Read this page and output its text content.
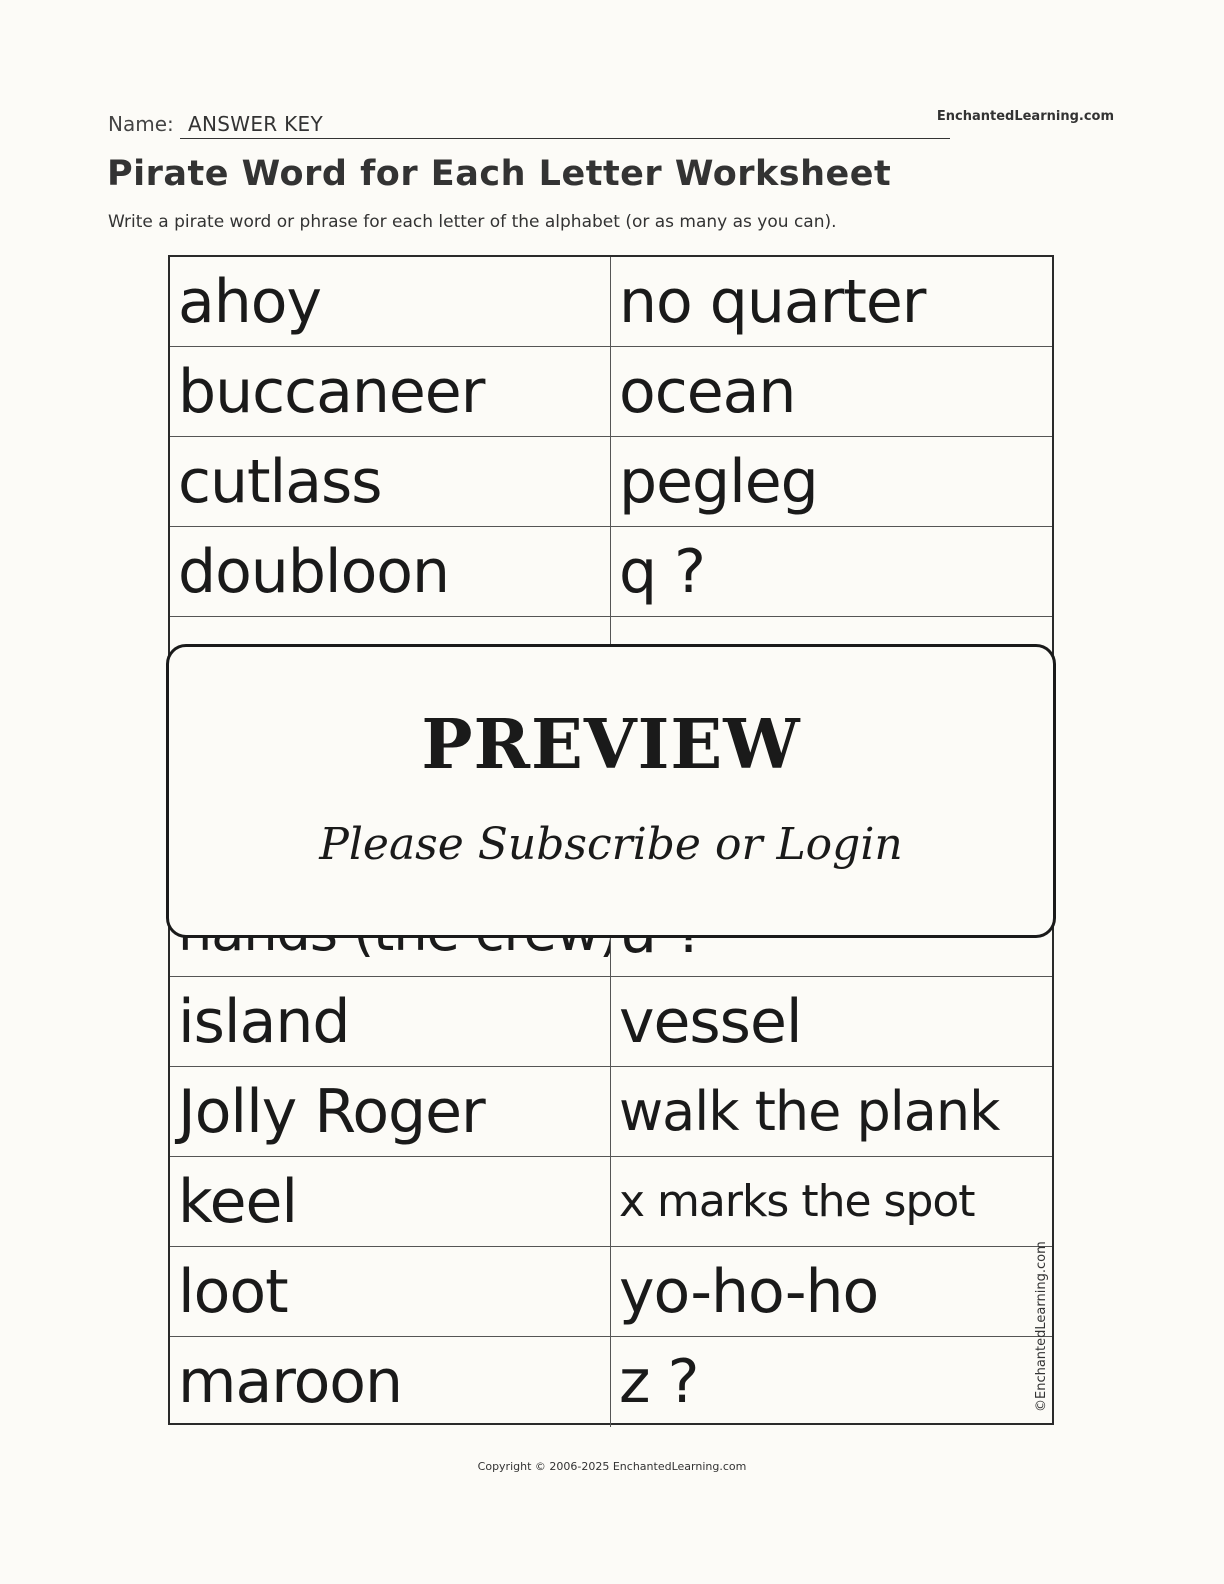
Name: ANSWER KEY	EnchantedLearning.com
Pirate Word for Each Letter Worksheet
Write a pirate word or phrase for each letter of the alphabet (or as many as you can).
ahoy	no quarter
buccaneer	ocean
cutlass	pegleg
doubloon	q ?
island	vessel
Jolly Roger	walk the plank
keel	x marks the spot
loot	yo-ho-ho
maroon	z ?
PREVIEW
Please Subscribe or Login
©EnchantedLearning.com
Copyright © 2006-2025 EnchantedLearning.com
